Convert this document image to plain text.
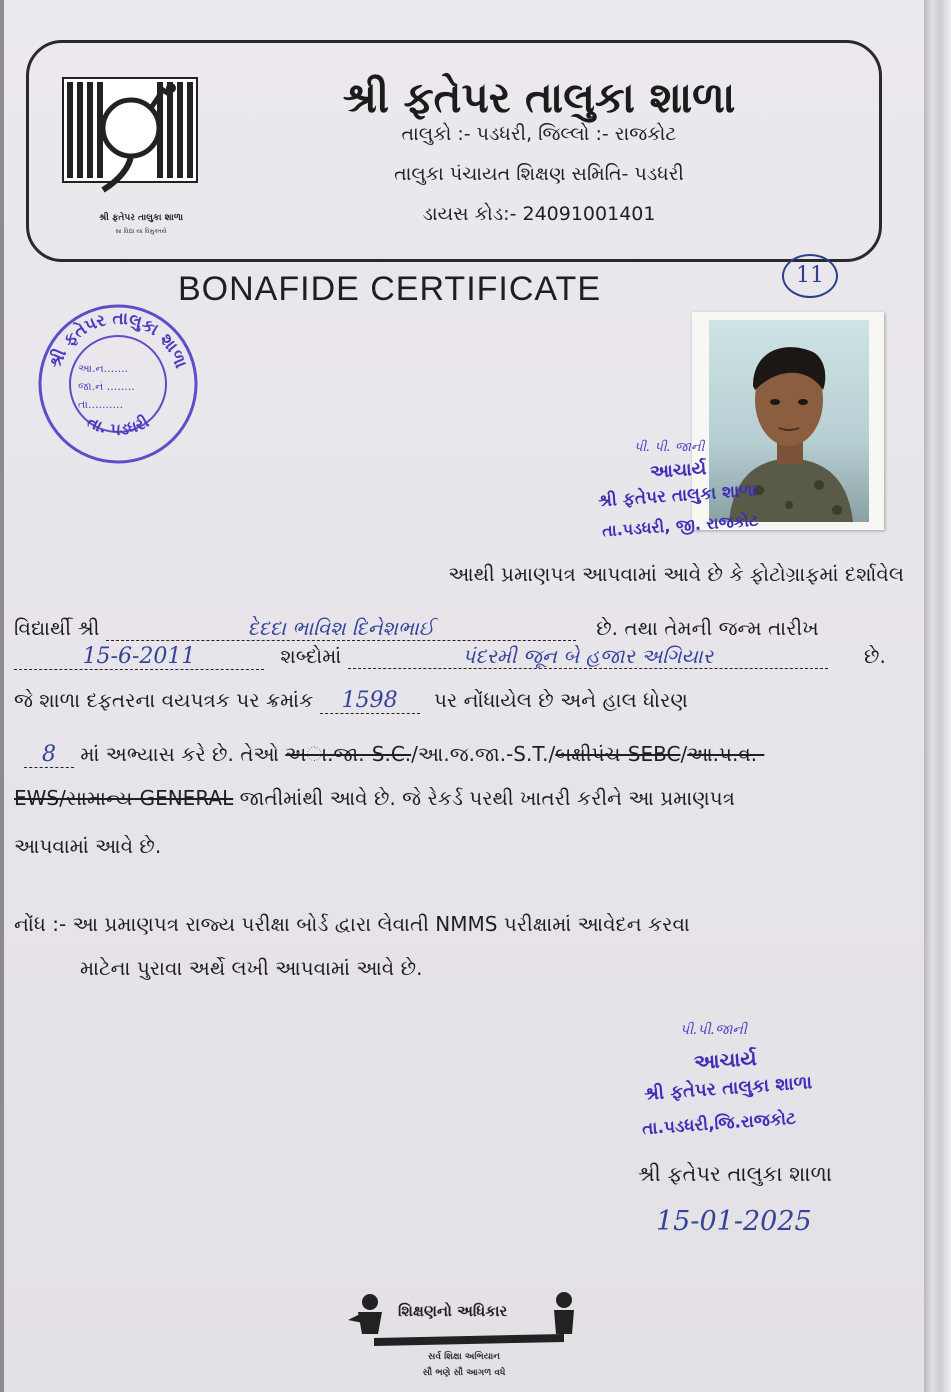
શ્રી ફતેપર તાલુકા શાળા
સા વિદ્યા યા વિમુક્તયે
શ્રી ફતેપર તાલુકા શાળા
તાલુકો :- પડધરી, જિલ્લો :- રાજકોટ
તાલુકા પંચાયત શિક્ષણ સમિતિ- પડધરી
ડાયસ કોડ:- 24091001401
BONAFIDE CERTIFICATE	11
શ્રી ફતેપર તાલુકા શાળા
તા. પડધરી
આ.ન.......
જા.નં ........
તા..........
પી. પી. જાની
આચાર્ય
શ્રી ફતેપર તાલુકા શાળા
તા.પડધરી, જી. રાજકોટ
આથી પ્રમાણપત્ર આપવામાં આવે છે કે ફોટોગ્રાફમાં દર્શાવેલ
વિદ્યાર્થી શ્રી	દેદદા ભાવિશ દિનેશભાઈ	છે. તથા તેમની જન્મ તારીખ
15-6-2011	શબ્દોમાં	પંદરમી જૂન બે હજાર અગિયાર	છે.
જે શાળા દફતરના વયપત્રક પર ક્રમાંક 1598 પર નોંધાયેલ છે અને હાલ ધોરણ
8 માં અભ્યાસ કરે છે. તેઓ અા.જા.-S.C./આ.જ.જા.-S.T./બક્ષીપંચ-SEBC/આ.પ.વ.-
EWS/સામાન્ય-GENERAL જાતીમાંથી આવે છે. જે રેકર્ડ પરથી ખાતરી કરીને આ પ્રમાણપત્ર
આપવામાં આવે છે.
નોંધ :- આ પ્રમાણપત્ર રાજ્ય પરીક્ષા બોર્ડ દ્વારા લેવાતી NMMS પરીક્ષામાં આવેદન કરવા
માટેના પુરાવા અર્થે લખી આપવામાં આવે છે.
પી.પી.જાની
આચાર્ય
શ્રી ફતેપર તાલુકા શાળા
તા.પડધરી,જિ.રાજકોટ
શ્રી ફતેપર તાલુકા શાળા
15-01-2025
શિક્ષણનો અધિકાર
સર્વ શિક્ષા અભિયાન
સૌ ભણે સૌ આગળ વધે
